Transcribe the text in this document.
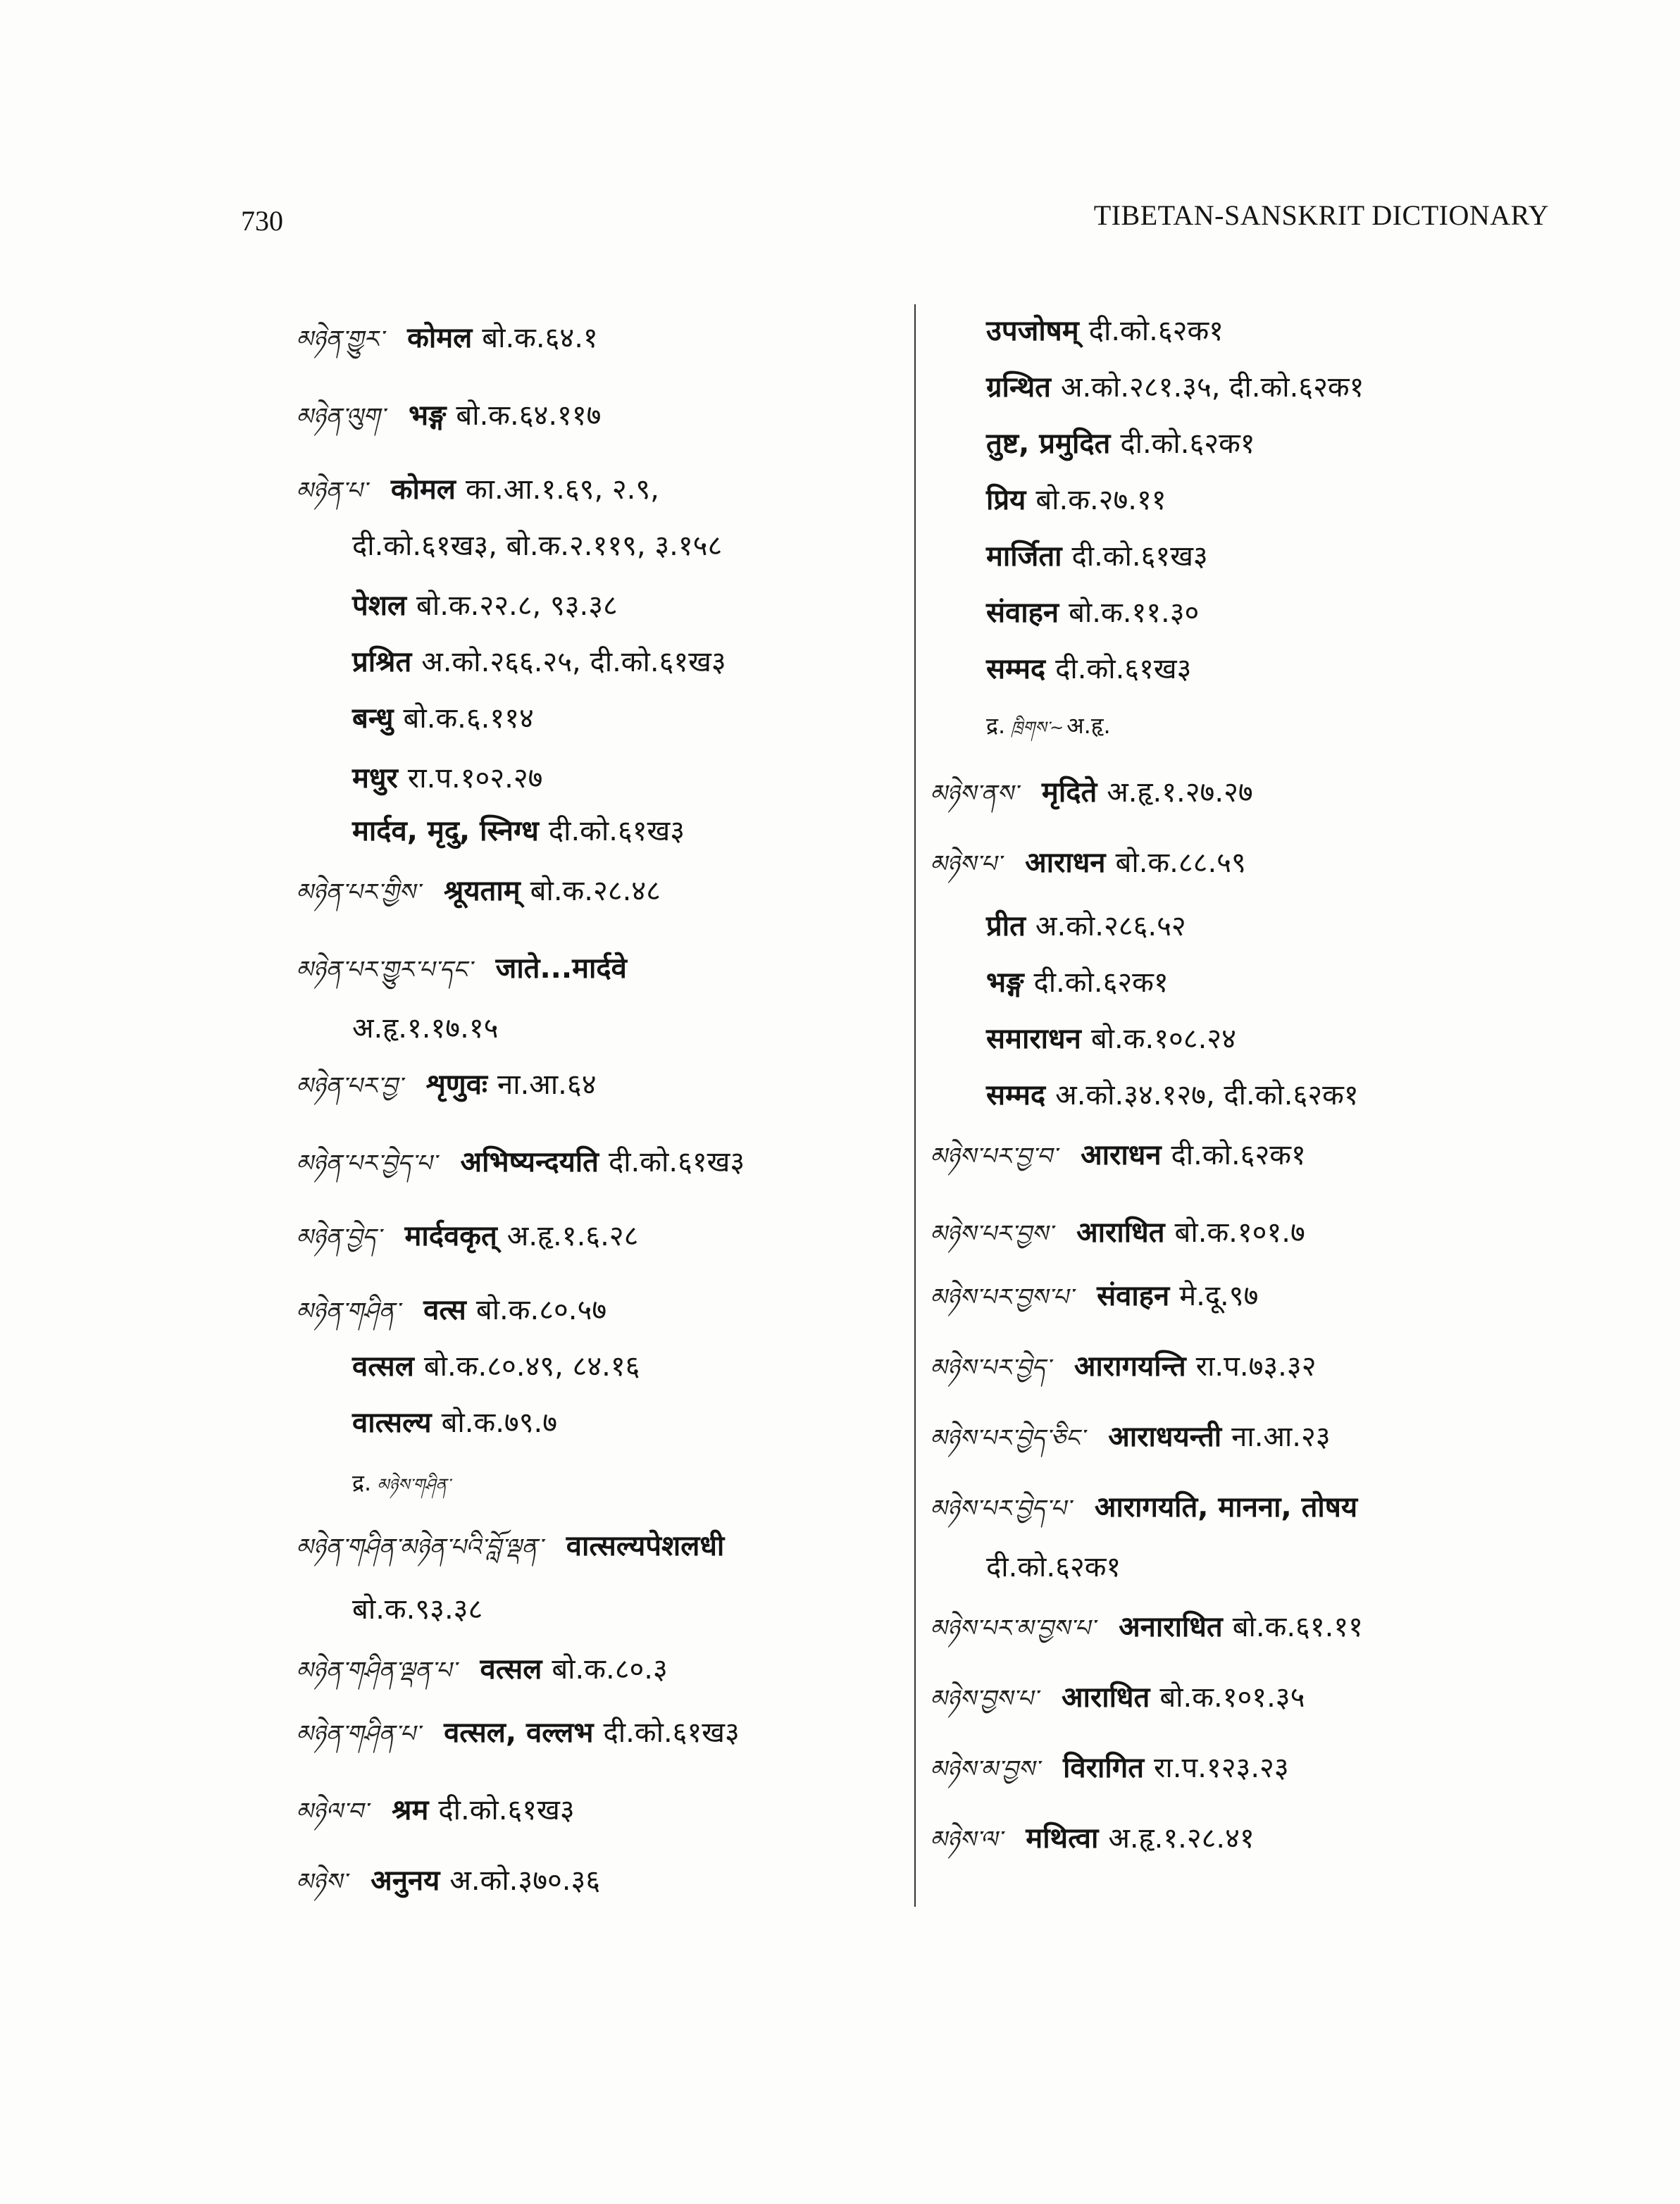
730	TIBETAN-SANSKRIT DICTIONARY
མཉེན་གྱུར་ कोमल बो.क.६४.१
མཉེན་ལུག་ भङ्ग बो.क.६४.११७
མཉེན་པ་ कोमल का.आ.१.६९, २.९,
दी.को.६१ख३, बो.क.२.११९, ३.१५८
पेशल बो.क.२२.८, ९३.३८
प्रश्रित अ.को.२६६.२५, दी.को.६१ख३
बन्धु बो.क.६.११४
मधुर रा.प.१०२.२७
मार्दव, मृदु, स्निग्ध दी.को.६१ख३
མཉེན་པར་གྱིས་ श्रूयताम् बो.क.२८.४८
མཉེན་པར་གྱུར་པ་དང་ जाते...मार्दवे
अ.हृ.१.१७.१५
མཉེན་པར་བྱ་ शृणुवः ना.आ.६४
མཉེན་པར་བྱེད་པ་ अभिष्यन्दयति दी.को.६१ख३
མཉེན་བྱེད་ मार्दवकृत् अ.हृ.१.६.२८
མཉེན་གཤིན་ वत्स बो.क.८०.५७
वत्सल बो.क.८०.४९, ८४.१६
वात्सल्य बो.क.७९.७
द्र. མཉེས་གཤིན་
མཉེན་གཤིན་མཉེན་པའི་བློ་ལྡན་ वात्सल्यपेशलधी
बो.क.९३.३८
མཉེན་གཤིན་ལྡན་པ་ वत्सल बो.क.८०.३
མཉེན་གཤིན་པ་ वत्सल, वल्लभ दी.को.६१ख३
མཉེལ་བ་ श्रम दी.को.६१ख३
མཉེས་ अनुनय अ.को.३७०.३६
उपजोषम् दी.को.६२क१
ग्रन्थित अ.को.२८१.३५, दी.को.६२क१
तुष्ट, प्रमुदित दी.को.६२क१
प्रिय बो.क.२७.११
मार्जिता दी.को.६१ख३
संवाहन बो.क.११.३०
सम्मद दी.को.६१ख३
द्र. ཁྲིགས་~ अ.हृ.
མཉེས་ནས་ मृदिते अ.हृ.१.२७.२७
མཉེས་པ་ आराधन बो.क.८८.५९
प्रीत अ.को.२८६.५२
भङ्ग दी.को.६२क१
समाराधन बो.क.१०८.२४
सम्मद अ.को.३४.१२७, दी.को.६२क१
མཉེས་པར་བྱ་བ་ आराधन दी.को.६२क१
མཉེས་པར་བྱས་ आराधित बो.क.१०१.७
མཉེས་པར་བྱས་པ་ संवाहन मे.दू.९७
མཉེས་པར་བྱེད་ आरागयन्ति रा.प.७३.३२
མཉེས་པར་བྱེད་ཅིང་ आराधयन्ती ना.आ.२३
མཉེས་པར་བྱེད་པ་ आरागयति, मानना, तोषय
दी.को.६२क१
མཉེས་པར་མ་བྱས་པ་ अनाराधित बो.क.६१.११
མཉེས་བྱས་པ་ आराधित बो.क.१०१.३५
མཉེས་མ་བྱས་ विरागित रा.प.१२३.२३
མཉེས་ལ་ मथित्वा अ.हृ.१.२८.४१
